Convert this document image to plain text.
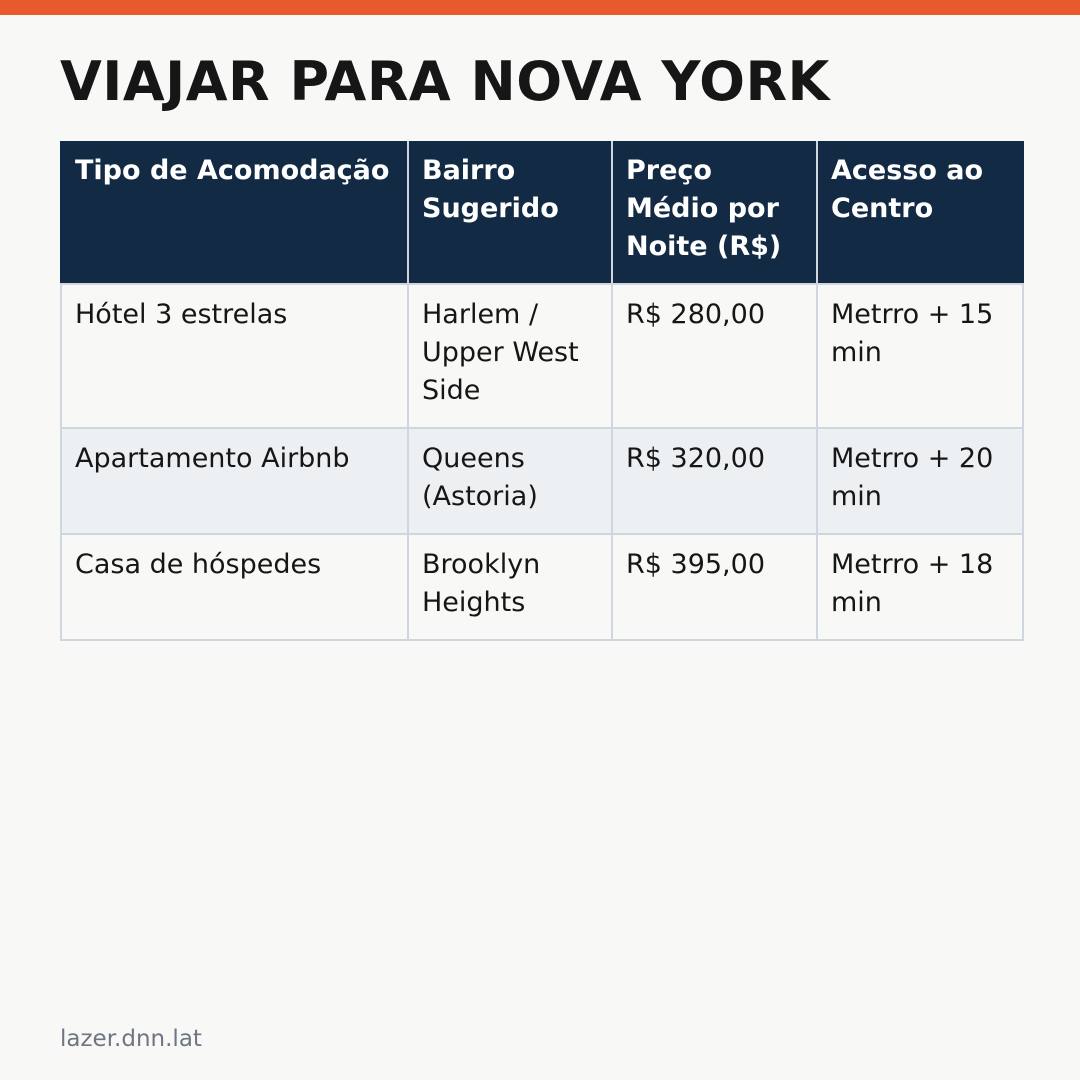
VIAJAR PARA NOVA YORK
Tipo de Acomodação	Bairro Sugerido	Preço Médio por Noite (R$)	Acesso ao Centro
Hótel 3 estrelas	Harlem / Upper West Side	R$ 280,00	Metrro + 15 min
Apartamento Airbnb	Queens (Astoria)	R$ 320,00	Metrro + 20 min
Casa de hóspedes	Brooklyn Heights	R$ 395,00	Metrro + 18 min
lazer.dnn.lat
